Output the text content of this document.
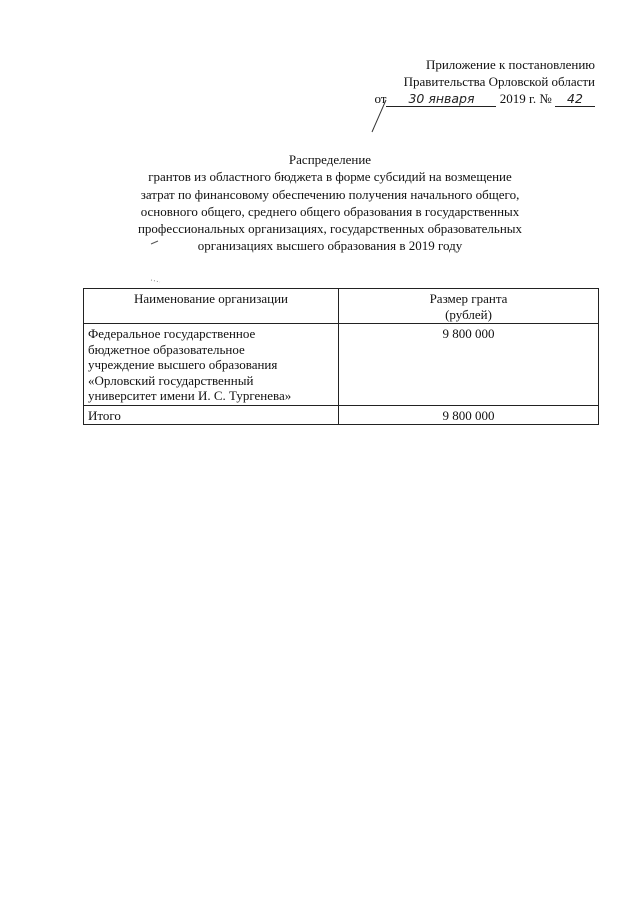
Приложение к постановлению
Правительства Орловской области
от 30 января 2019 г. № 42
Распределение
грантов из областного бюджета в форме субсидий на возмещение
затрат по финансовому обеспечению получения начального общего,
основного общего, среднего общего образования в государственных
профессиональных организациях, государственных образовательных
организациях высшего образования в 2019 году
Наименование организации	Размер гранта
(рублей)

Федеральное государственное
бюджетное образовательное
учреждение высшего образования
«Орловский государственный
университет имени И. С. Тургенева»	9 800 000
Итого	9 800 000
